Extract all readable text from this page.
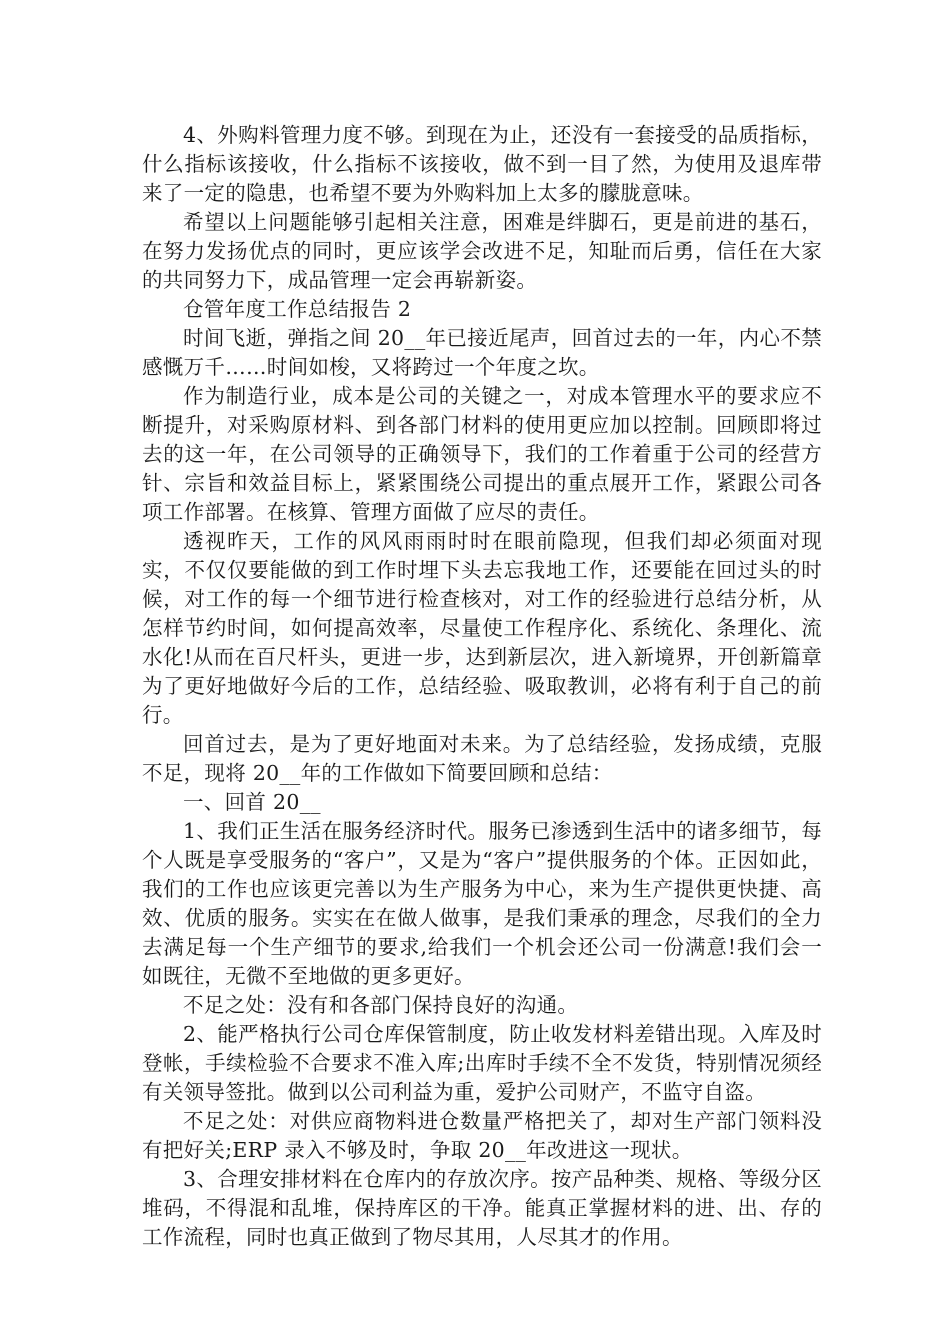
4、外购料管理力度不够。到现在为止，还没有一套接受的品质指标，什么指标该接收，什么指标不该接收，做不到一目了然，为使用及退库带来了一定的隐患，也希望不要为外购料加上太多的朦胧意味。

希望以上问题能够引起相关注意，困难是绊脚石，更是前进的基石，在努力发扬优点的同时，更应该学会改进不足，知耻而后勇，信任在大家的共同努力下，成品管理一定会再崭新姿。

仓管年度工作总结报告 2

时间飞逝，弹指之间 20__年已接近尾声，回首过去的一年，内心不禁感慨万千……时间如梭，又将跨过一个年度之坎。

作为制造行业，成本是公司的关键之一，对成本管理水平的要求应不断提升，对采购原材料、到各部门材料的使用更应加以控制。回顾即将过去的这一年，在公司领导的正确领导下，我们的工作着重于公司的经营方针、宗旨和效益目标上，紧紧围绕公司提出的重点展开工作，紧跟公司各项工作部署。在核算、管理方面做了应尽的责任。

透视昨天，工作的风风雨雨时时在眼前隐现，但我们却必须面对现实，不仅仅要能做的到工作时埋下头去忘我地工作，还要能在回过头的时候，对工作的每一个细节进行检查核对，对工作的经验进行总结分析，从怎样节约时间，如何提高效率，尽量使工作程序化、系统化、条理化、流水化!从而在百尺杆头，更进一步，达到新层次，进入新境界，开创新篇章为了更好地做好今后的工作，总结经验、吸取教训，必将有利于自己的前行。

回首过去，是为了更好地面对未来。为了总结经验，发扬成绩，克服不足，现将 20__年的工作做如下简要回顾和总结：

一、回首 20__

1、我们正生活在服务经济时代。服务已渗透到生活中的诸多细节，每个人既是享受服务的“客户”，又是为“客户”提供服务的个体。正因如此，我们的工作也应该更完善以为生产服务为中心，来为生产提供更快捷、高效、优质的服务。实实在在做人做事，是我们秉承的理念，尽我们的全力去满足每一个生产细节的要求,给我们一个机会还公司一份满意!我们会一如既往，无微不至地做的更多更好。

不足之处：没有和各部门保持良好的沟通。

2、能严格执行公司仓库保管制度，防止收发材料差错出现。入库及时登帐，手续检验不合要求不准入库;出库时手续不全不发货，特别情况须经有关领导签批。做到以公司利益为重，爱护公司财产，不监守自盗。

不足之处：对供应商物料进仓数量严格把关了，却对生产部门领料没有把好关;ERP 录入不够及时，争取 20__年改进这一现状。

3、合理安排材料在仓库内的存放次序。按产品种类、规格、等级分区堆码，不得混和乱堆，保持库区的干净。能真正掌握材料的进、出、存的工作流程，同时也真正做到了物尽其用，人尽其才的作用。
